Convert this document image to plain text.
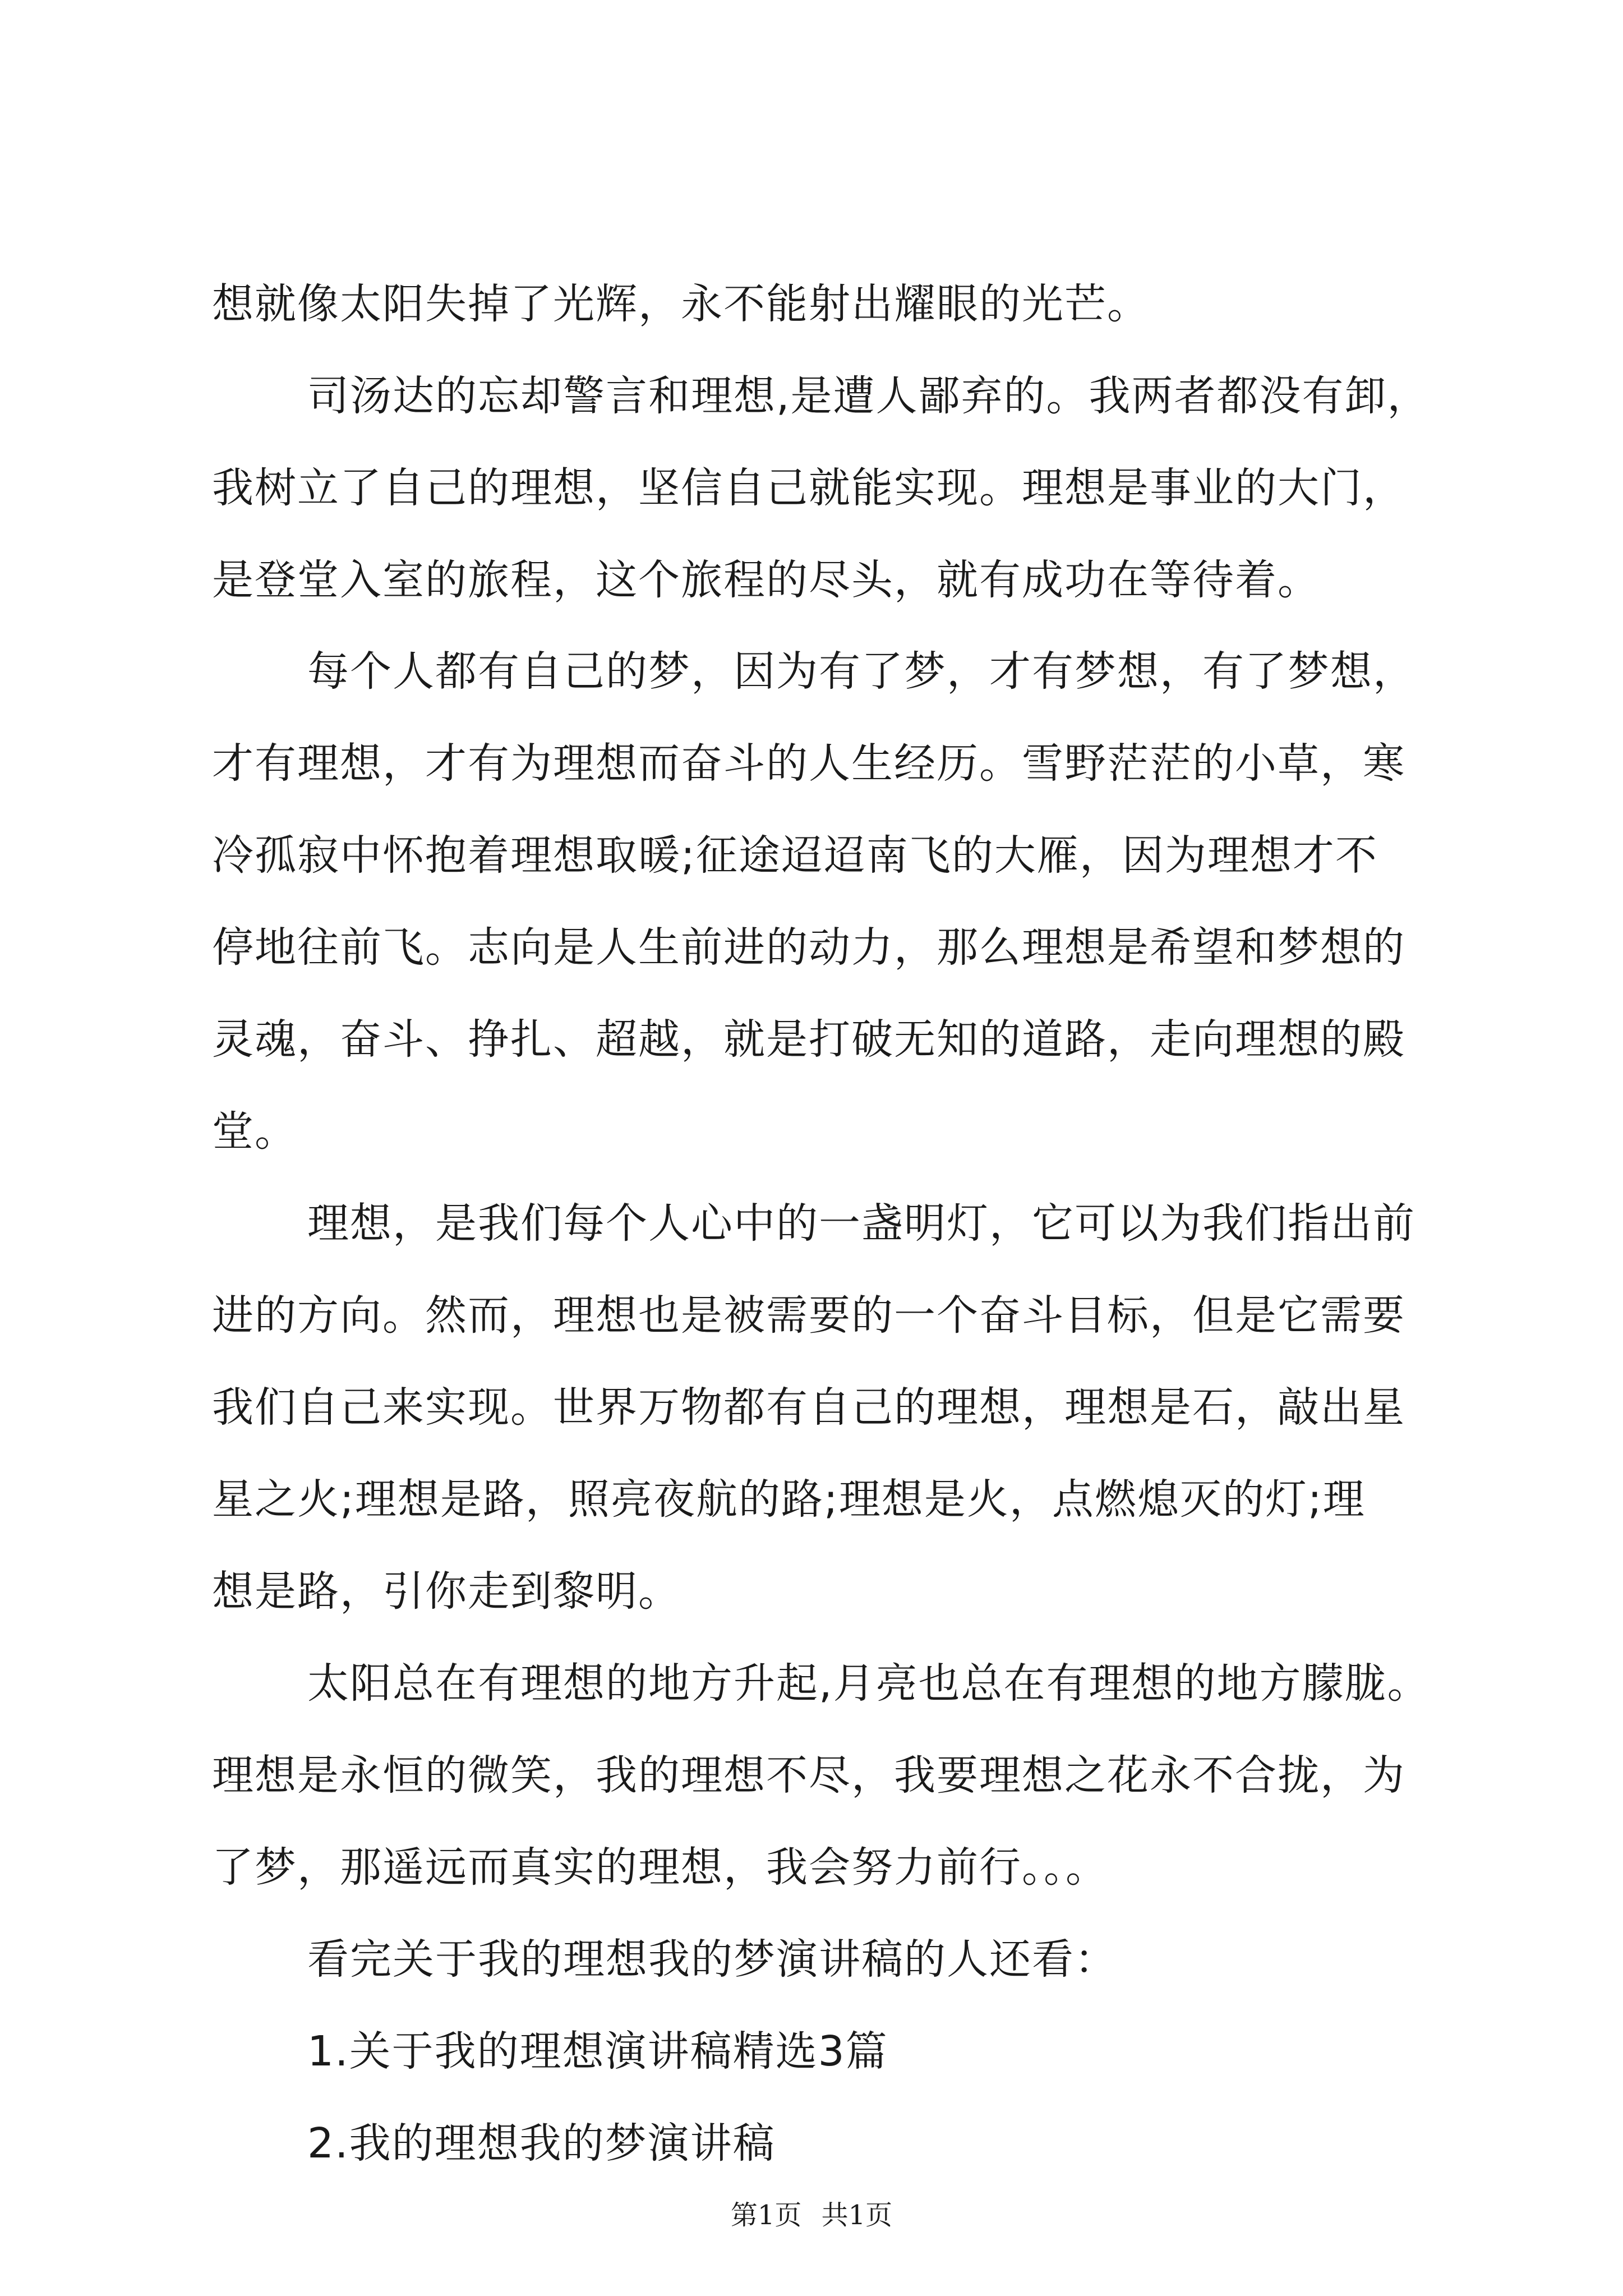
想就像太阳失掉了光辉，永不能射出耀眼的光芒。
司汤达的忘却警言和理想,是遭人鄙弃的。我两者都没有卸，
我树立了自己的理想，坚信自己就能实现。理想是事业的大门，
是登堂入室的旅程，这个旅程的尽头，就有成功在等待着。
每个人都有自己的梦，因为有了梦，才有梦想，有了梦想，
才有理想，才有为理想而奋斗的人生经历。雪野茫茫的小草，寒
冷孤寂中怀抱着理想取暖;征途迢迢南飞的大雁，因为理想才不
停地往前飞。志向是人生前进的动力，那么理想是希望和梦想的
灵魂，奋斗、挣扎、超越，就是打破无知的道路，走向理想的殿
堂。
理想，是我们每个人心中的一盏明灯，它可以为我们指出前
进的方向。然而，理想也是被需要的一个奋斗目标，但是它需要
我们自己来实现。世界万物都有自己的理想，理想是石，敲出星
星之火;理想是路，照亮夜航的路;理想是火，点燃熄灭的灯;理
想是路，引你走到黎明。
太阳总在有理想的地方升起,月亮也总在有理想的地方朦胧。
理想是永恒的微笑，我的理想不尽，我要理想之花永不合拢，为
了梦，那遥远而真实的理想，我会努力前行。。。
看完关于我的理想我的梦演讲稿的人还看：
1.关于我的理想演讲稿精选3篇
2.我的理想我的梦演讲稿
第1页 共1页
